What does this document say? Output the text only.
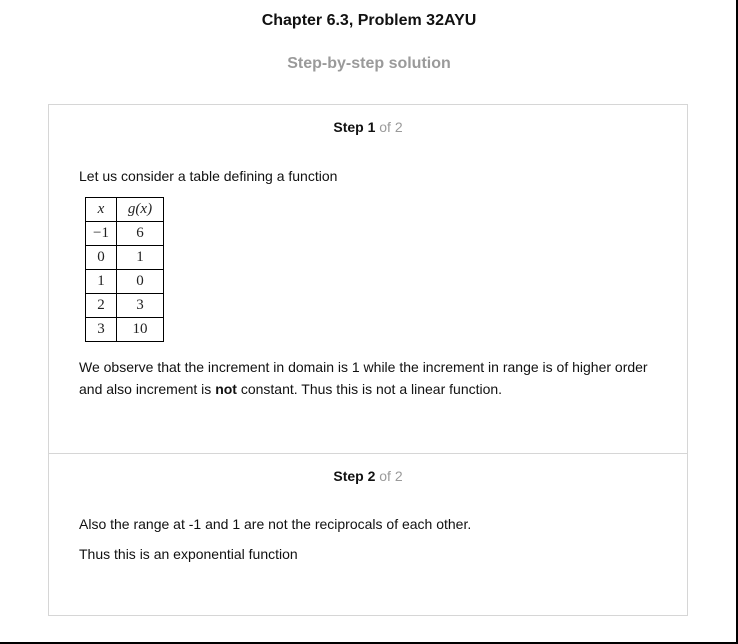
Chapter 6.3, Problem 32AYU
Step-by-step solution
Step 1 of 2
Let us consider a table defining a function
x	g(x)
−1	6
0	1
1	0
2	3
3	10
We observe that the increment in domain is 1 while the increment in range is of higher order and also increment is not constant. Thus this is not a linear function.
Step 2 of 2
Also the range at -1 and 1 are not the reciprocals of each other.
Thus this is an exponential function
